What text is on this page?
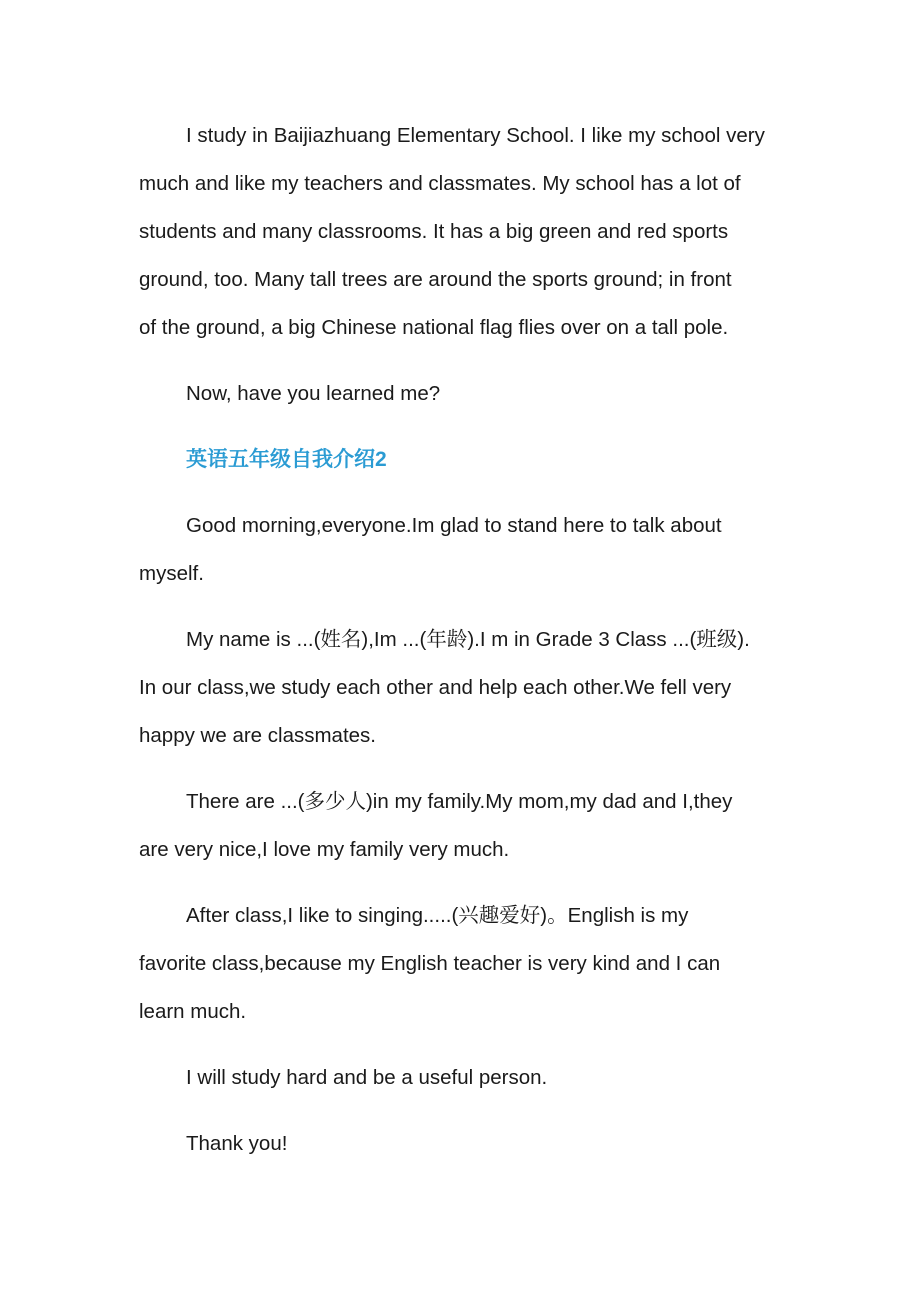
I study in Baijiazhuang Elementary School. I like my school very
much and like my teachers and classmates. My school has a lot of
students and many classrooms. It has a big green and red sports
ground, too. Many tall trees are around the sports ground; in front
of the ground, a big Chinese national flag flies over on a tall pole.

Now, have you learned me?

英语五年级自我介绍2

Good morning,everyone.Im glad to stand here to talk about
myself.

My name is ...(姓名),Im ...(年龄).I m in Grade 3 Class ...(班级).
In our class,we study each other and help each other.We fell very
happy we are classmates.

There are ...(多少人)in my family.My mom,my dad and I,they
are very nice,I love my family very much.

After class,I like to singing.....(兴趣爱好)。English is my
favorite class,because my English teacher is very kind and I can
learn much.

I will study hard and be a useful person.

Thank you!
